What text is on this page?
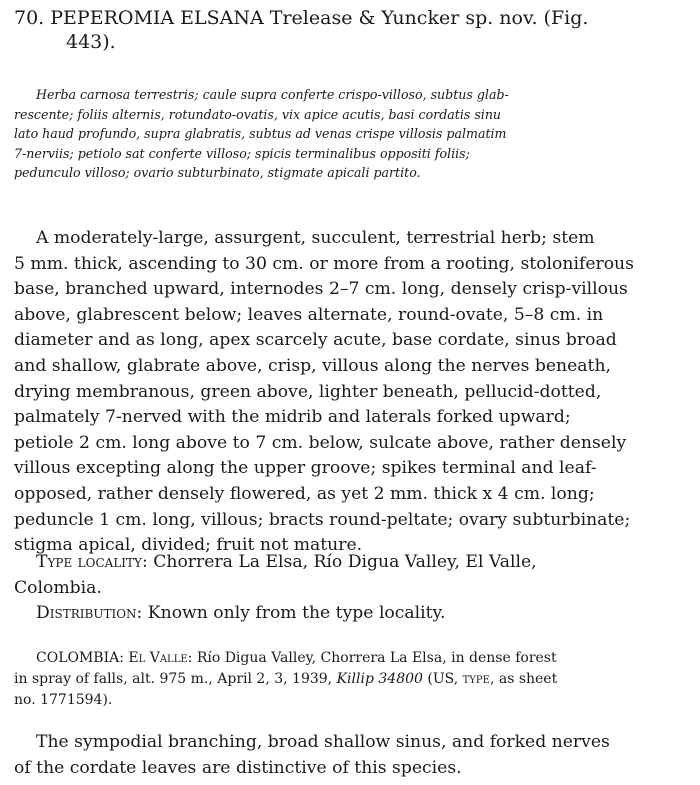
70. PEPEROMIA ELSANA Trelease & Yuncker sp. nov. (Fig.
443).
Herba carnosa terrestris; caule supra conferte crispo-villoso, subtus glab-
rescente; foliis alternis, rotundato-ovatis, vix apice acutis, basi cordatis sinu
lato haud profundo, supra glabratis, subtus ad venas crispe villosis palmatim
7-nerviis; petiolo sat conferte villoso; spicis terminalibus oppositi foliis;
pedunculo villoso; ovario subturbinato, stigmate apicali partito.
A moderately-large, assurgent, succulent, terrestrial herb; stem
5 mm. thick, ascending to 30 cm. or more from a rooting, stoloniferous
base, branched upward, internodes 2–7 cm. long, densely crisp-villous
above, glabrescent below; leaves alternate, round-ovate, 5–8 cm. in
diameter and as long, apex scarcely acute, base cordate, sinus broad
and shallow, glabrate above, crisp, villous along the nerves beneath,
drying membranous, green above, lighter beneath, pellucid-dotted,
palmately 7-nerved with the midrib and laterals forked upward;
petiole 2 cm. long above to 7 cm. below, sulcate above, rather densely
villous excepting along the upper groove; spikes terminal and leaf-
opposed, rather densely flowered, as yet 2 mm. thick x 4 cm. long;
peduncle 1 cm. long, villous; bracts round-peltate; ovary subturbinate;
stigma apical, divided; fruit not mature.
Type locality: Chorrera La Elsa, Río Digua Valley, El Valle,
Colombia.
Distribution: Known only from the type locality.
COLOMBIA: El Valle: Río Digua Valley, Chorrera La Elsa, in dense forest
in spray of falls, alt. 975 m., April 2, 3, 1939, Killip 34800 (US, type, as sheet
no. 1771594).
The sympodial branching, broad shallow sinus, and forked nerves
of the cordate leaves are distinctive of this species.
